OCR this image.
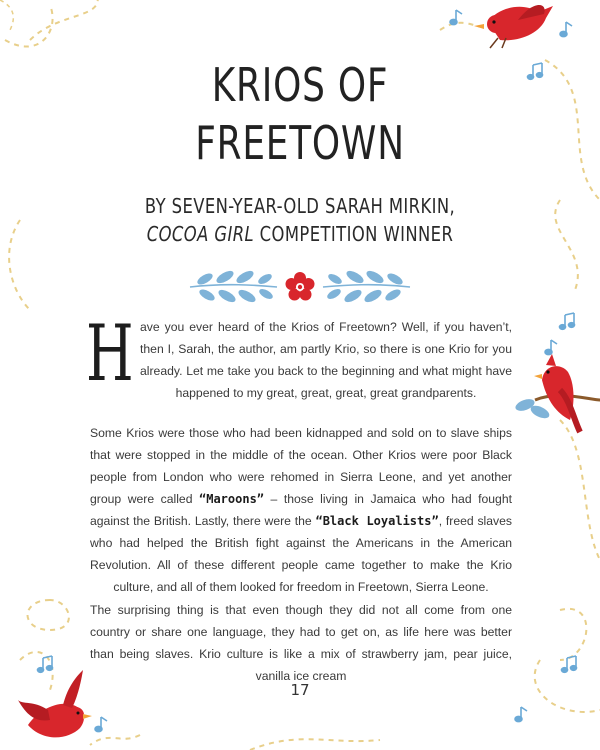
KRIOS OF
FREETOWN
BY SEVEN-YEAR-OLD SARAH MIRKIN,
COCOA GIRL COMPETITION WINNER

Have you ever heard of the Krios of Freetown? Well, if you haven’t, then I, Sarah, the author, am partly Krio, so there is one Krio for you already. Let me take you back to the beginning and what might have happened to my great, great, great, great grandparents.

Some Krios were those who had been kidnapped and sold on to slave ships that were stopped in the middle of the ocean. Other Krios were poor Black people from London who were rehomed in Sierra Leone, and yet another group were called “Maroons” – those living in Jamaica who had fought against the British. Lastly, there were the “Black Loyalists”, freed slaves who had helped the British fight against the Americans in the American Revolution. All of these different people came together to make the Krio culture, and all of them looked for freedom in Freetown, Sierra Leone.

The surprising thing is that even though they did not all come from one country or share one language, they had to get on, as life here was better than being slaves. Krio culture is like a mix of strawberry jam, pear juice, vanilla ice cream

17
